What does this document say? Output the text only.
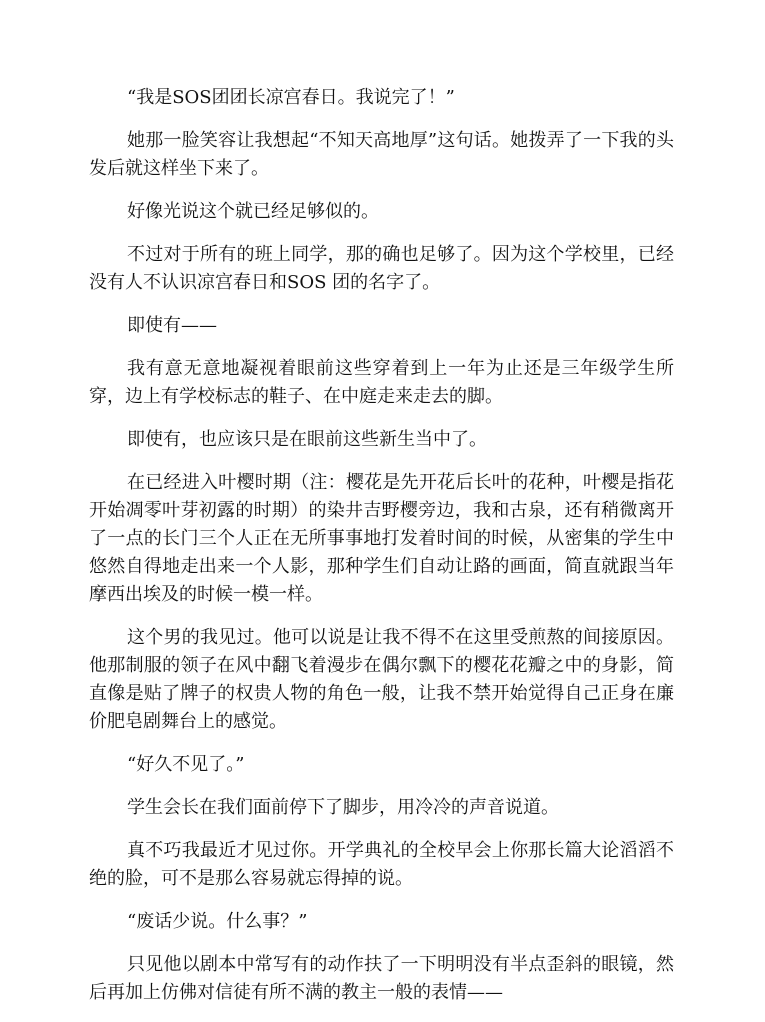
“我是SOS团团长凉宫春日。我说完了！”

她那一脸笑容让我想起“不知天高地厚”这句话。她拨弄了一下我的头发后就这样坐下来了。

好像光说这个就已经足够似的。

不过对于所有的班上同学，那的确也足够了。因为这个学校里，已经没有人不认识凉宫春日和SOS 团的名字了。

即使有——

我有意无意地凝视着眼前这些穿着到上一年为止还是三年级学生所穿，边上有学校标志的鞋子、在中庭走来走去的脚。

即使有，也应该只是在眼前这些新生当中了。

在已经进入叶樱时期（注：樱花是先开花后长叶的花种，叶樱是指花开始凋零叶芽初露的时期）的染井吉野樱旁边，我和古泉，还有稍微离开了一点的长门三个人正在无所事事地打发着时间的时候，从密集的学生中悠然自得地走出来一个人影，那种学生们自动让路的画面，简直就跟当年摩西出埃及的时候一模一样。

这个男的我见过。他可以说是让我不得不在这里受煎熬的间接原因。他那制服的领子在风中翻飞着漫步在偶尔飘下的樱花花瓣之中的身影，简直像是贴了牌子的权贵人物的角色一般，让我不禁开始觉得自己正身在廉价肥皂剧舞台上的感觉。

“好久不见了。”

学生会长在我们面前停下了脚步，用冷冷的声音说道。

真不巧我最近才见过你。开学典礼的全校早会上你那长篇大论滔滔不绝的脸，可不是那么容易就忘得掉的说。

“废话少说。什么事？”

只见他以剧本中常写有的动作扶了一下明明没有半点歪斜的眼镜，然后再加上仿佛对信徒有所不满的教主一般的表情——
